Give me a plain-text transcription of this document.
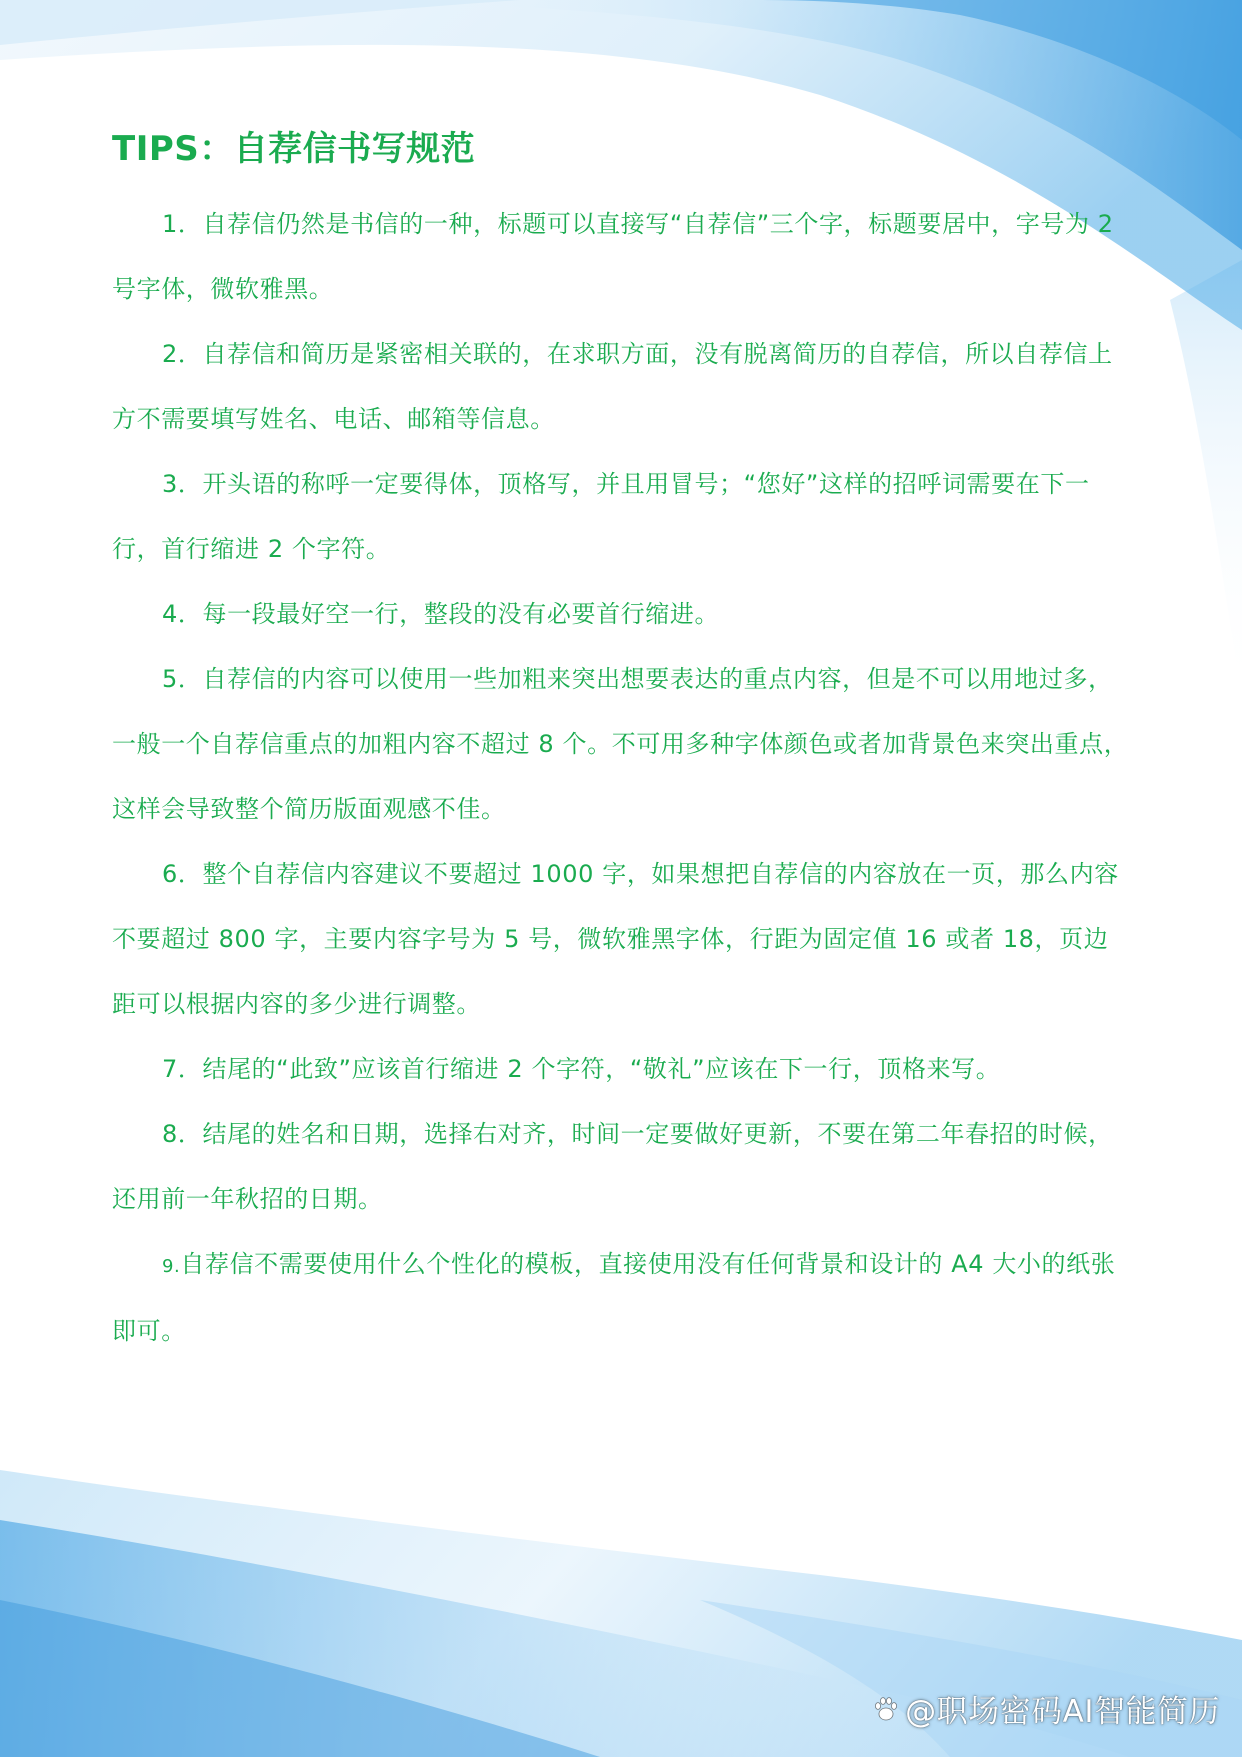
TIPS：自荐信书写规范

1．自荐信仍然是书信的一种，标题可以直接写“自荐信”三个字，标题要居中，字号为 2 号字体，微软雅黑。

2．自荐信和简历是紧密相关联的，在求职方面，没有脱离简历的自荐信，所以自荐信上方不需要填写姓名、电话、邮箱等信息。

3．开头语的称呼一定要得体，顶格写，并且用冒号；“您好”这样的招呼词需要在下一行，首行缩进 2 个字符。

4．每一段最好空一行，整段的没有必要首行缩进。

5．自荐信的内容可以使用一些加粗来突出想要表达的重点内容，但是不可以用地过多，一般一个自荐信重点的加粗内容不超过 8 个。不可用多种字体颜色或者加背景色来突出重点，这样会导致整个简历版面观感不佳。

6．整个自荐信内容建议不要超过 1000 字，如果想把自荐信的内容放在一页，那么内容不要超过 800 字，主要内容字号为 5 号，微软雅黑字体，行距为固定值 16 或者 18，页边距可以根据内容的多少进行调整。

7．结尾的“此致”应该首行缩进 2 个字符，“敬礼”应该在下一行，顶格来写。

8．结尾的姓名和日期，选择右对齐，时间一定要做好更新，不要在第二年春招的时候，还用前一年秋招的日期。

9.自荐信不需要使用什么个性化的模板，直接使用没有任何背景和设计的 A4 大小的纸张即可。

@职场密码AI智能简历
